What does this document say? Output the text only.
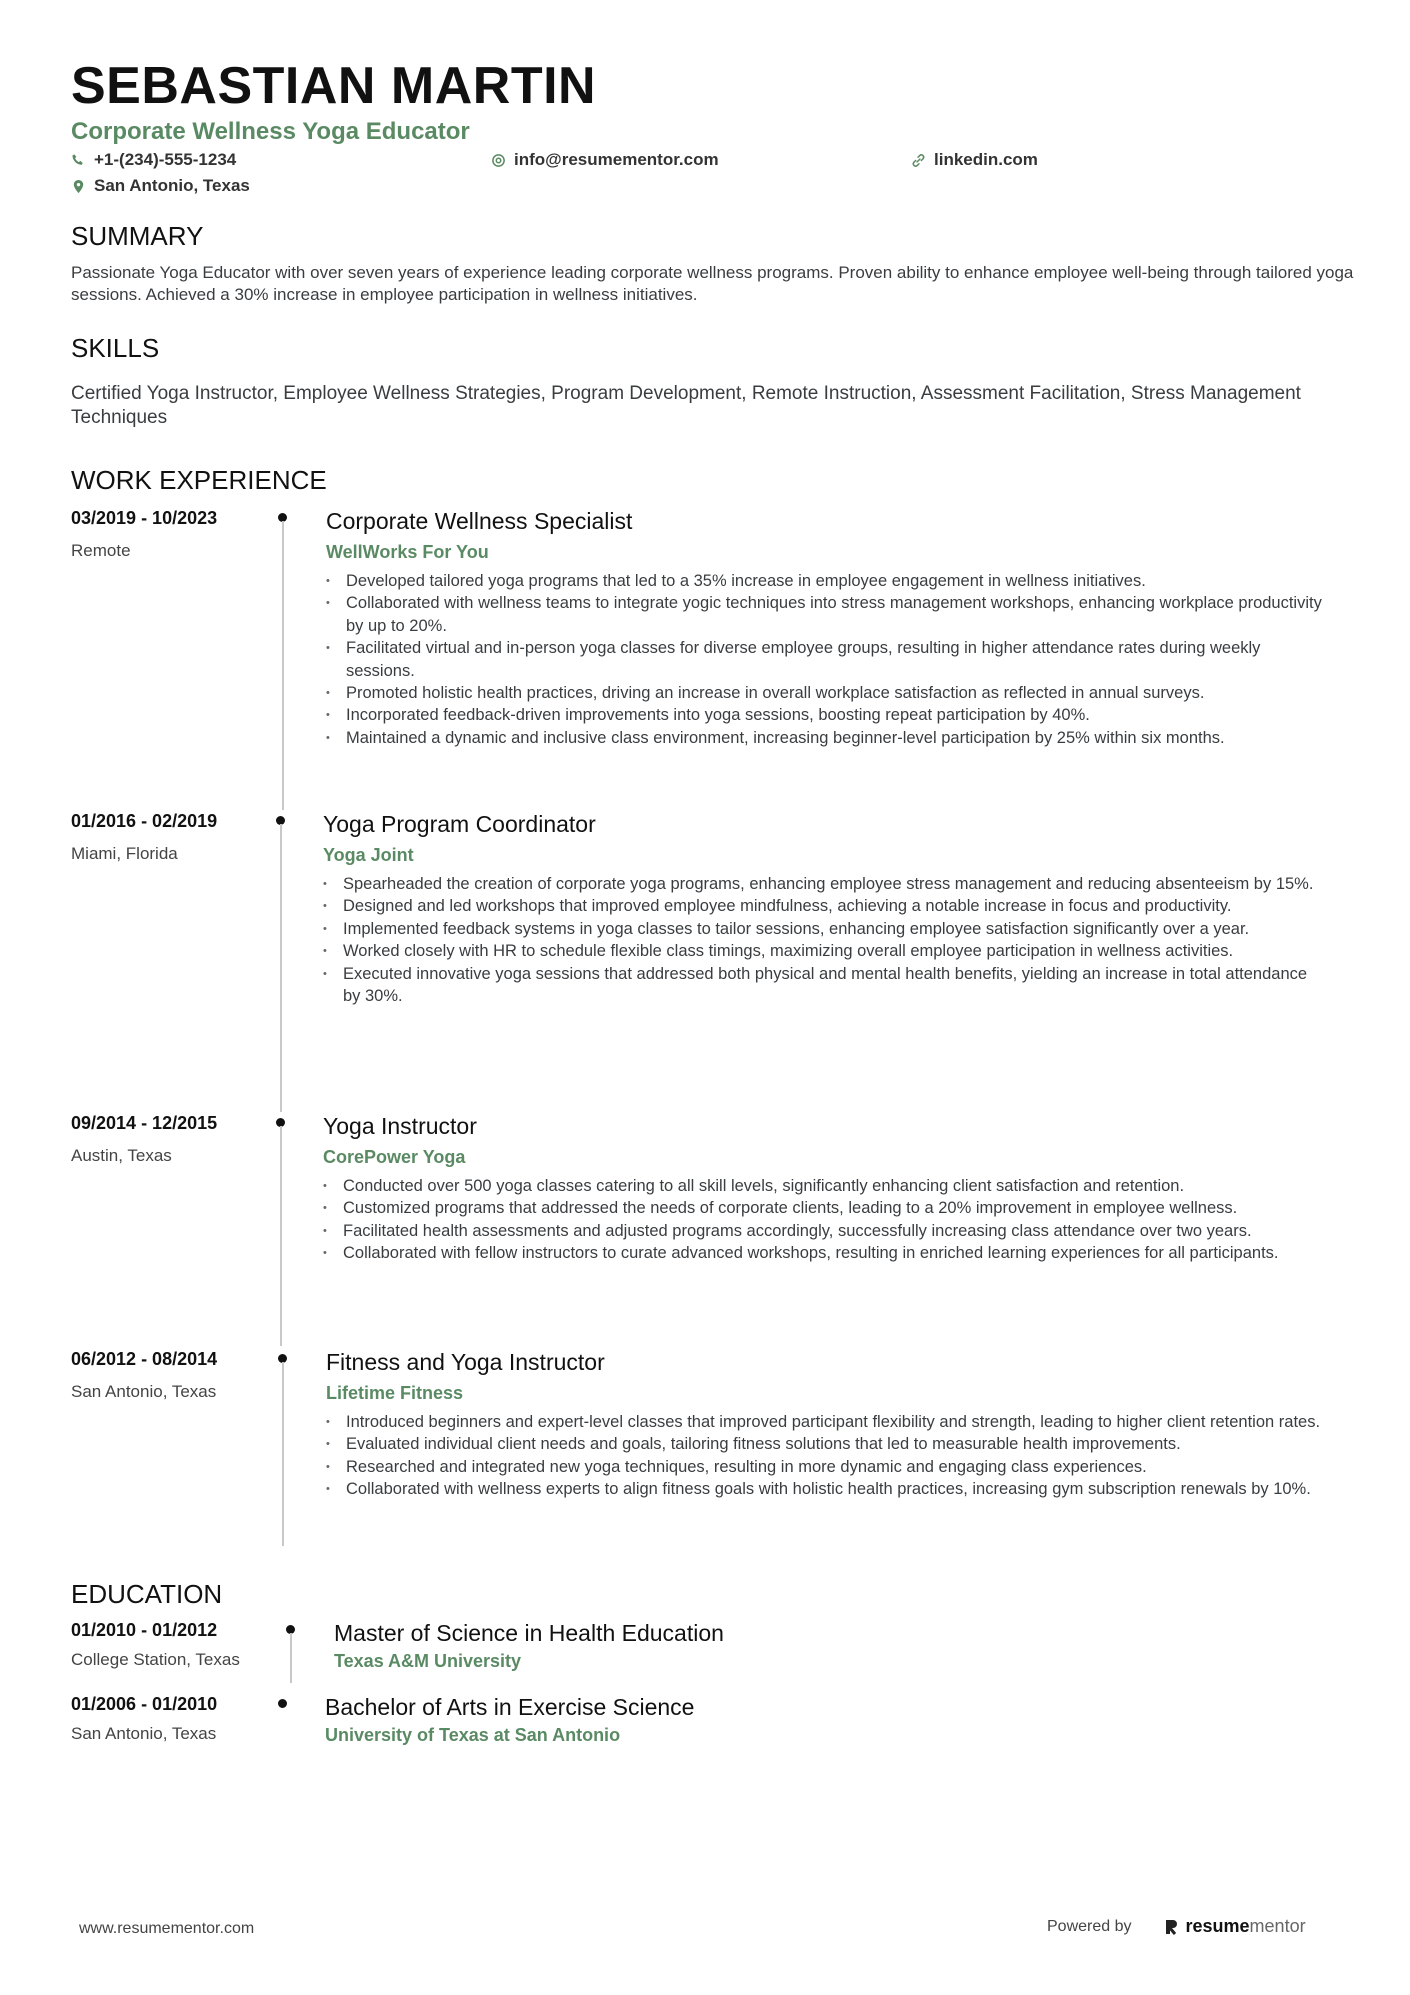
SEBASTIAN MARTIN
Corporate Wellness Yoga Educator
+1-(234)-555-1234	info@resumementor.com	linkedin.com
San Antonio, Texas
SUMMARY

Passionate Yoga Educator with over seven years of experience leading corporate wellness programs. Proven ability to enhance employee well-being through tailored yoga sessions. Achieved a 30% increase in employee participation in wellness initiatives.

SKILLS

Certified Yoga Instructor, Employee Wellness Strategies, Program Development, Remote Instruction, Assessment Facilitation, Stress Management Techniques

WORK EXPERIENCE
03/2019 - 10/2023
Remote
Corporate Wellness Specialist
WellWorks For You
• Developed tailored yoga programs that led to a 35% increase in employee engagement in wellness initiatives.
• Collaborated with wellness teams to integrate yogic techniques into stress management workshops, enhancing workplace productivity by up to 20%.
• Facilitated virtual and in-person yoga classes for diverse employee groups, resulting in higher attendance rates during weekly sessions.
• Promoted holistic health practices, driving an increase in overall workplace satisfaction as reflected in annual surveys.
• Incorporated feedback-driven improvements into yoga sessions, boosting repeat participation by 40%.
• Maintained a dynamic and inclusive class environment, increasing beginner-level participation by 25% within six months.
01/2016 - 02/2019
Miami, Florida
Yoga Program Coordinator
Yoga Joint
• Spearheaded the creation of corporate yoga programs, enhancing employee stress management and reducing absenteeism by 15%.
• Designed and led workshops that improved employee mindfulness, achieving a notable increase in focus and productivity.
• Implemented feedback systems in yoga classes to tailor sessions, enhancing employee satisfaction significantly over a year.
• Worked closely with HR to schedule flexible class timings, maximizing overall employee participation in wellness activities.
• Executed innovative yoga sessions that addressed both physical and mental health benefits, yielding an increase in total attendance by 30%.
09/2014 - 12/2015
Austin, Texas
Yoga Instructor
CorePower Yoga
• Conducted over 500 yoga classes catering to all skill levels, significantly enhancing client satisfaction and retention.
• Customized programs that addressed the needs of corporate clients, leading to a 20% improvement in employee wellness.
• Facilitated health assessments and adjusted programs accordingly, successfully increasing class attendance over two years.
• Collaborated with fellow instructors to curate advanced workshops, resulting in enriched learning experiences for all participants.
06/2012 - 08/2014
San Antonio, Texas
Fitness and Yoga Instructor
Lifetime Fitness
• Introduced beginners and expert-level classes that improved participant flexibility and strength, leading to higher client retention rates.
• Evaluated individual client needs and goals, tailoring fitness solutions that led to measurable health improvements.
• Researched and integrated new yoga techniques, resulting in more dynamic and engaging class experiences.
• Collaborated with wellness experts to align fitness goals with holistic health practices, increasing gym subscription renewals by 10%.
EDUCATION
01/2010 - 01/2012
College Station, Texas
Master of Science in Health Education
Texas A&M University
01/2006 - 01/2010
San Antonio, Texas
Bachelor of Arts in Exercise Science
University of Texas at San Antonio
www.resumementor.com	Powered by	resume mentor
